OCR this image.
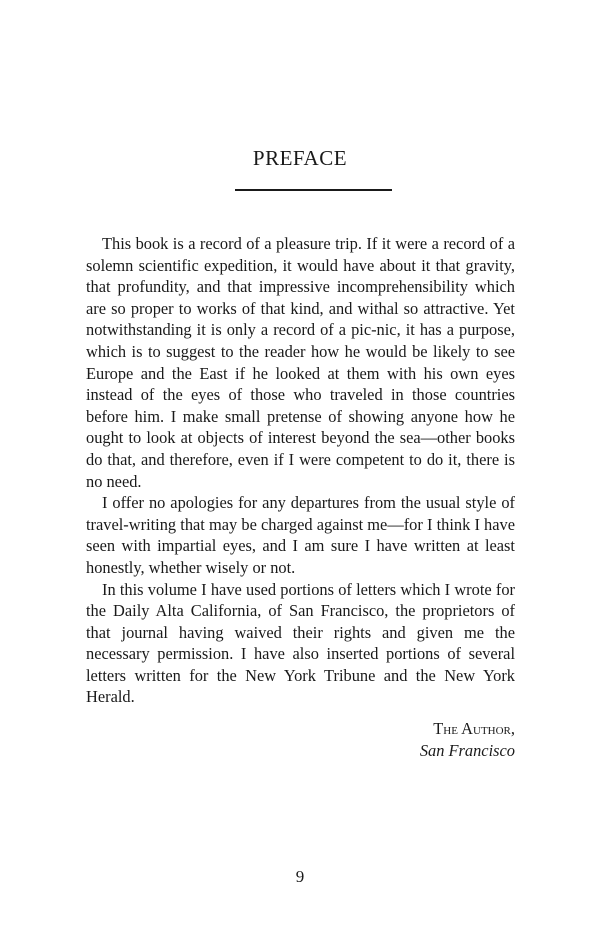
PREFACE

This book is a record of a pleasure trip. If it were a record of a solemn scientific expedition, it would have about it that gravity, that profundity, and that impressive incomprehensibility which are so proper to works of that kind, and withal so attractive. Yet notwithstanding it is only a record of a pic-nic, it has a purpose, which is to suggest to the reader how he would be likely to see Europe and the East if he looked at them with his own eyes instead of the eyes of those who traveled in those countries before him. I make small pretense of showing anyone how he ought to look at objects of interest beyond the sea—other books do that, and therefore, even if I were competent to do it, there is no need.

I offer no apologies for any departures from the usual style of travel-writing that may be charged against me—for I think I have seen with impartial eyes, and I am sure I have written at least honestly, whether wisely or not.

In this volume I have used portions of letters which I wrote for the Daily Alta California, of San Francisco, the proprietors of that journal having waived their rights and given me the necessary permission. I have also inserted portions of several letters written for the New York Tribune and the New York Herald.

The Author,
San Francisco
9
